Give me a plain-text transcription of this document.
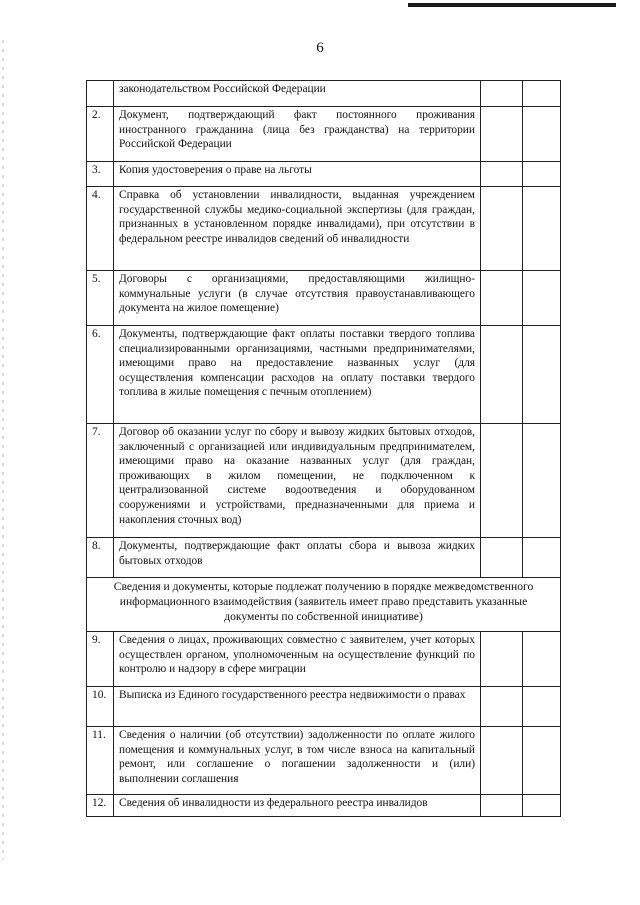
6
	законодательством Российской Федерации		
2.	Документ, подтверждающий факт постоянного проживания иностранного гражданина (лица без гражданства) на территории Российской Федерации		
3.	Копия удостоверения о праве на льготы		
4.	Справка об установлении инвалидности, выданная учреждением государственной службы медико-социальной экспертизы (для граждан, признанных в установленном порядке инвалидами), при отсутствии в федеральном реестре инвалидов сведений об инвалидности		
5.	Договоры с организациями, предоставляющими жилищно-коммунальные услуги (в случае отсутствия правоустанавливающего документа на жилое помещение)		
6.	Документы, подтверждающие факт оплаты поставки твердого топлива специализированными организациями, частными предпринимателями, имеющими право на предоставление названных услуг (для осуществления компенсации расходов на оплату поставки твердого топлива в жилые помещения с печным отоплением)		
7.	Договор об оказании услуг по сбору и вывозу жидких бытовых отходов, заключенный с организацией или индивидуальным предпринимателем, имеющими право на оказание названных услуг (для граждан, проживающих в жилом помещении, не подключенном к централизованной системе водоотведения и оборудованном сооружениями и устройствами, предназначенными для приема и накопления сточных вод)		
8.	Документы, подтверждающие факт оплаты сбора и вывоза жидких бытовых отходов		
Сведения и документы, которые подлежат получению в порядке межведомственного информационного взаимодействия (заявитель имеет право представить указанные документы по собственной инициативе)			
9.	Сведения о лицах, проживающих совместно с заявителем, учет которых осуществлен органом, уполномоченным на осуществление функций по контролю и надзору в сфере миграции		
10.	Выписка из Единого государственного реестра недвижимости о правах		
11.	Сведения о наличии (об отсутствии) задолженности по оплате жилого помещения и коммунальных услуг, в том числе взноса на капитальный ремонт, или соглашение о погашении задолженности и (или) выполнении соглашения		
12.	Сведения об инвалидности из федерального реестра инвалидов		
